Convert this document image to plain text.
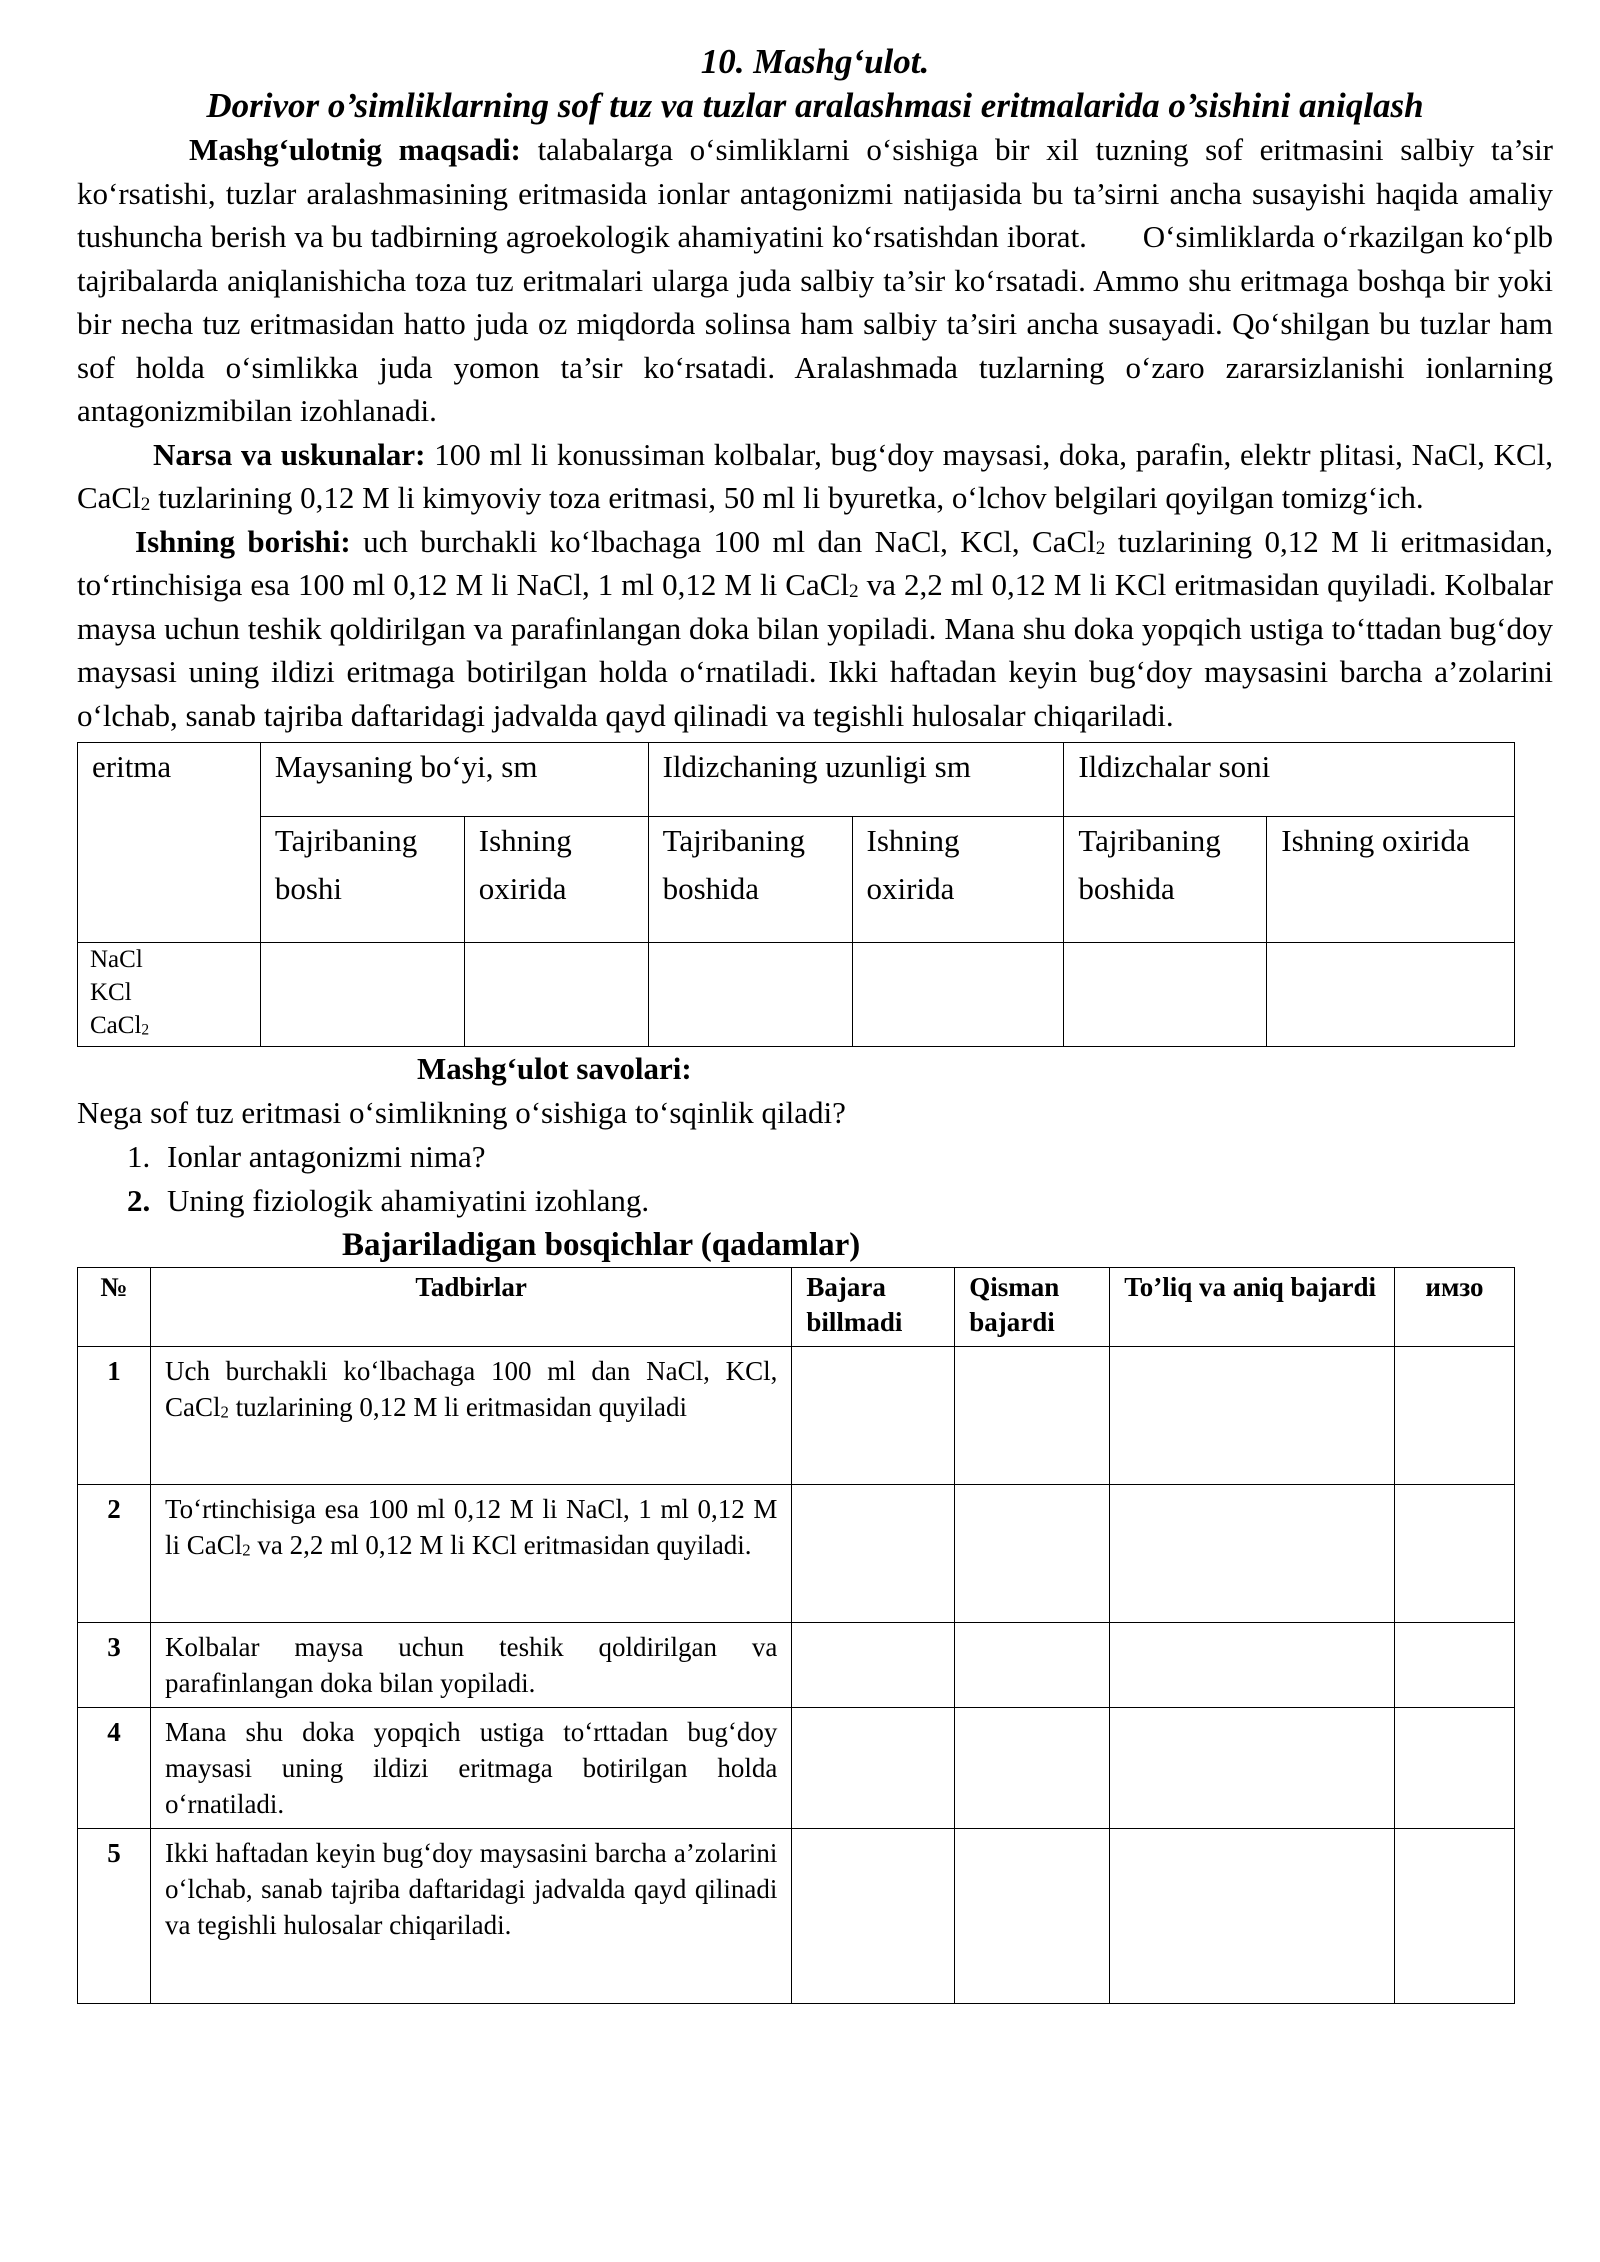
10. Mashg‘ulot.
Dorivor o’simliklarning sof tuz va tuzlar aralashmasi eritmalarida o’sishini aniqlash
Mashg‘ulotnig maqsadi: talabalarga o‘simliklarni o‘sishiga bir xil tuzning sof eritmasini salbiy ta’sir ko‘rsatishi, tuzlar aralashmasining eritmasida ionlar antagonizmi natijasida bu ta’sirni ancha susayishi haqida amaliy tushuncha berish va bu tadbirning agroekologik ahamiyatini ko‘rsatishdan iborat. O‘simliklarda o‘rkazilgan ko‘plb tajribalarda aniqlanishicha toza tuz eritmalari ularga juda salbiy ta’sir ko‘rsatadi. Ammo shu eritmaga boshqa bir yoki bir necha tuz eritmasidan hatto juda oz miqdorda solinsa ham salbiy ta’siri ancha susayadi. Qo‘shilgan bu tuzlar ham sof holda o‘simlikka juda yomon ta’sir ko‘rsatadi. Aralashmada tuzlarning o‘zaro zararsizlanishi ionlarning antagonizmibilan izohlanadi.
Narsa va uskunalar: 100 ml li konussiman kolbalar, bug‘doy maysasi, doka, parafin, elektr plitasi, NaCl, KCl, CaCl$_2$ tuzlarining 0,12 M li kimyoviy toza eritmasi, 50 ml li byuretka, o‘lchov belgilari qoyilgan tomizg‘ich.
Ishning borishi: uch burchakli ko‘lbachaga 100 ml dan NaCl, KCl, CaCl$_2$ tuzlarining 0,12 M li eritmasidan, to‘rtinchisiga esa 100 ml 0,12 M li NaCl, 1 ml 0,12 M li CaCl$_2$ va 2,2 ml 0,12 M li KCl eritmasidan quyiladi. Kolbalar maysa uchun teshik qoldirilgan va parafinlangan doka bilan yopiladi. Mana shu doka yopqich ustiga to‘ttadan bug‘doy maysasi uning ildizi eritmaga botirilgan holda o‘rnatiladi. Ikki haftadan keyin bug‘doy maysasini barcha a’zolarini o‘lchab, sanab tajriba daftaridagi jadvalda qayd qilinadi va tegishli hulosalar chiqariladi.
eritma	Maysaning bo‘yi, sm		Ildizchaning uzunligi sm		Ildizchalar soni	
	Tajribaning boshi	Ishning oxirida	Tajribaning boshida	Ishning oxirida	Tajribaning boshida	Ishning oxirida

NaCl
KCl
CaCl$_2$

Mashg‘ulot savolari:
Nega sof tuz eritmasi o‘simlikning o‘sishiga to‘sqinlik qiladi?
1. Ionlar antagonizmi nima?
2. Uning fiziologik ahamiyatini izohlang.
Bajariladigan bosqichlar (qadamlar)
№	Tadbirlar	Bajara billmadi	Qisman bajardi	To’liq va aniq bajardi	имзо
1	Uch burchakli ko‘lbachaga 100 ml dan NaCl, KCl, CaCl$_2$ tuzlarining 0,12 M li eritmasidan quyiladi				
2	To‘rtinchisiga esa 100 ml 0,12 M li NaCl, 1 ml 0,12 M li CaCl$_2$ va 2,2 ml 0,12 M li KCl eritmasidan quyiladi.				
3	Kolbalar maysa uchun teshik qoldirilgan va parafinlangan doka bilan yopiladi.				
4	Mana shu doka yopqich ustiga to‘rttadan bug‘doy maysasi uning ildizi eritmaga botirilgan holda o‘rnatiladi.				
5	Ikki haftadan keyin bug‘doy maysasini barcha a’zolarini o‘lchab, sanab tajriba daftaridagi jadvalda qayd qilinadi va tegishli hulosalar chiqariladi.				
